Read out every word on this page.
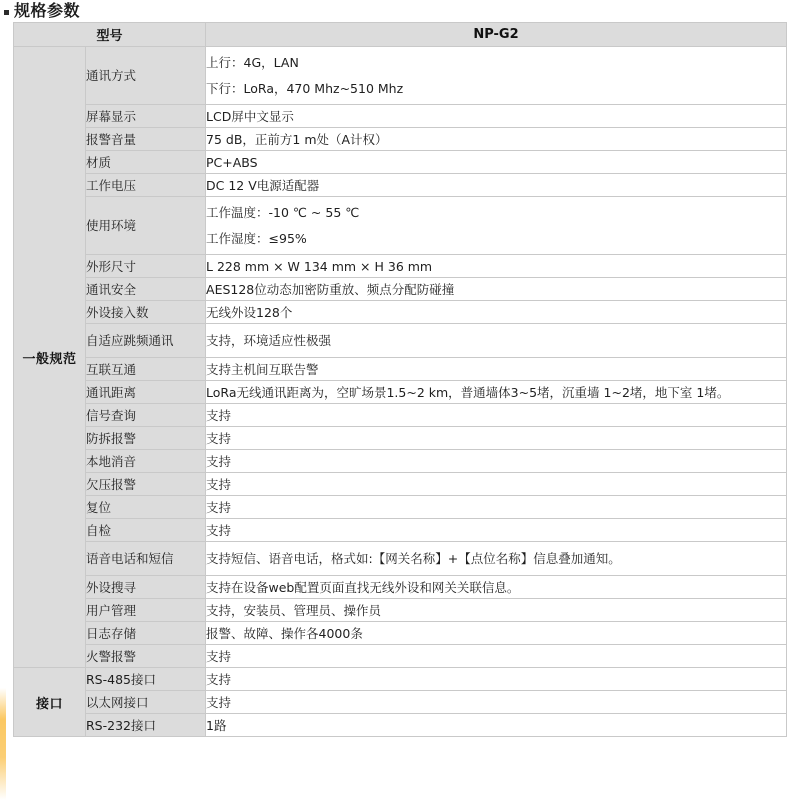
规格参数
型号		NP-G2
一般规范	通讯方式	上行：4G，LAN
下行：LoRa，470 Mhz~510 Mhz

	屏幕显示	LCD屏中文显示

	报警音量	75 dB，正前方1 m处（A计权）

	材质	PC+ABS

	工作电压	DC 12 V电源适配器

	使用环境	工作温度：-10 ℃ ~ 55 ℃
工作湿度：≤95%

	外形尺寸	L 228 mm × W 134 mm × H 36 mm

	通讯安全	AES128位动态加密防重放、频点分配防碰撞

	外设接入数	无线外设128个

	自适应跳频通讯	支持，环境适应性极强

	互联互通	支持主机间互联告警

	通讯距离	LoRa无线通讯距离为，空旷场景1.5~2 km，普通墙体3~5堵，沉重墙 1~2堵，地下室 1堵。

	信号查询	支持

	防拆报警	支持

	本地消音	支持

	欠压报警	支持

	复位	支持

	自检	支持

	语音电话和短信	支持短信、语音电话，格式如:【网关名称】+【点位名称】信息叠加通知。

	外设搜寻	支持在设备web配置页面直找无线外设和网关关联信息。

	用户管理	支持，安装员、管理员、操作员

	日志存储	报警、故障、操作各4000条

	火警报警	支持

接口	RS-485接口	支持

	以太网接口	支持

	RS-232接口	1路
